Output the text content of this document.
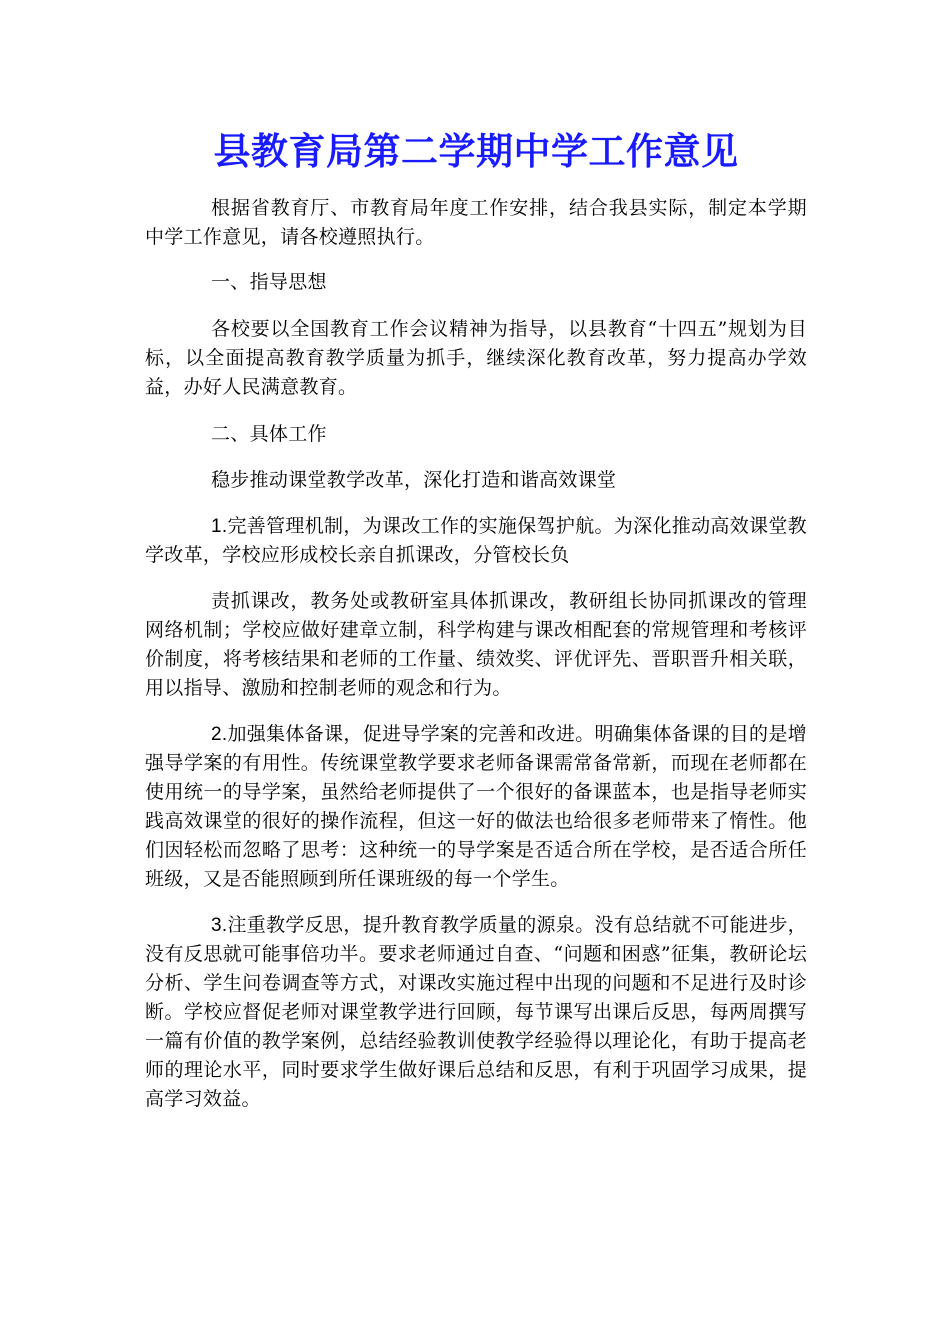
县教育局第二学期中学工作意见

根据省教育厅、市教育局年度工作安排，结合我县实际，制定本学期中学工作意见，请各校遵照执行。

一、指导思想

各校要以全国教育工作会议精神为指导，以县教育“十四五”规划为目标，以全面提高教育教学质量为抓手，继续深化教育改革，努力提高办学效益，办好人民满意教育。

二、具体工作

稳步推动课堂教学改革，深化打造和谐高效课堂

1.完善管理机制，为课改工作的实施保驾护航。为深化推动高效课堂教学改革，学校应形成校长亲自抓课改，分管校长负

责抓课改，教务处或教研室具体抓课改，教研组长协同抓课改的管理网络机制；学校应做好建章立制，科学构建与课改相配套的常规管理和考核评价制度，将考核结果和老师的工作量、绩效奖、评优评先、晋职晋升相关联，用以指导、激励和控制老师的观念和行为。

2.加强集体备课，促进导学案的完善和改进。明确集体备课的目的是增强导学案的有用性。传统课堂教学要求老师备课需常备常新，而现在老师都在使用统一的导学案，虽然给老师提供了一个很好的备课蓝本，也是指导老师实践高效课堂的很好的操作流程，但这一好的做法也给很多老师带来了惰性。他们因轻松而忽略了思考：这种统一的导学案是否适合所在学校，是否适合所任班级，又是否能照顾到所任课班级的每一个学生。

3.注重教学反思，提升教育教学质量的源泉。没有总结就不可能进步，没有反思就可能事倍功半。要求老师通过自查、“问题和困惑”征集，教研论坛分析、学生问卷调查等方式，对课改实施过程中出现的问题和不足进行及时诊断。学校应督促老师对课堂教学进行回顾，每节课写出课后反思，每两周撰写一篇有价值的教学案例，总结经验教训使教学经验得以理论化，有助于提高老师的理论水平，同时要求学生做好课后总结和反思，有利于巩固学习成果，提高学习效益。
